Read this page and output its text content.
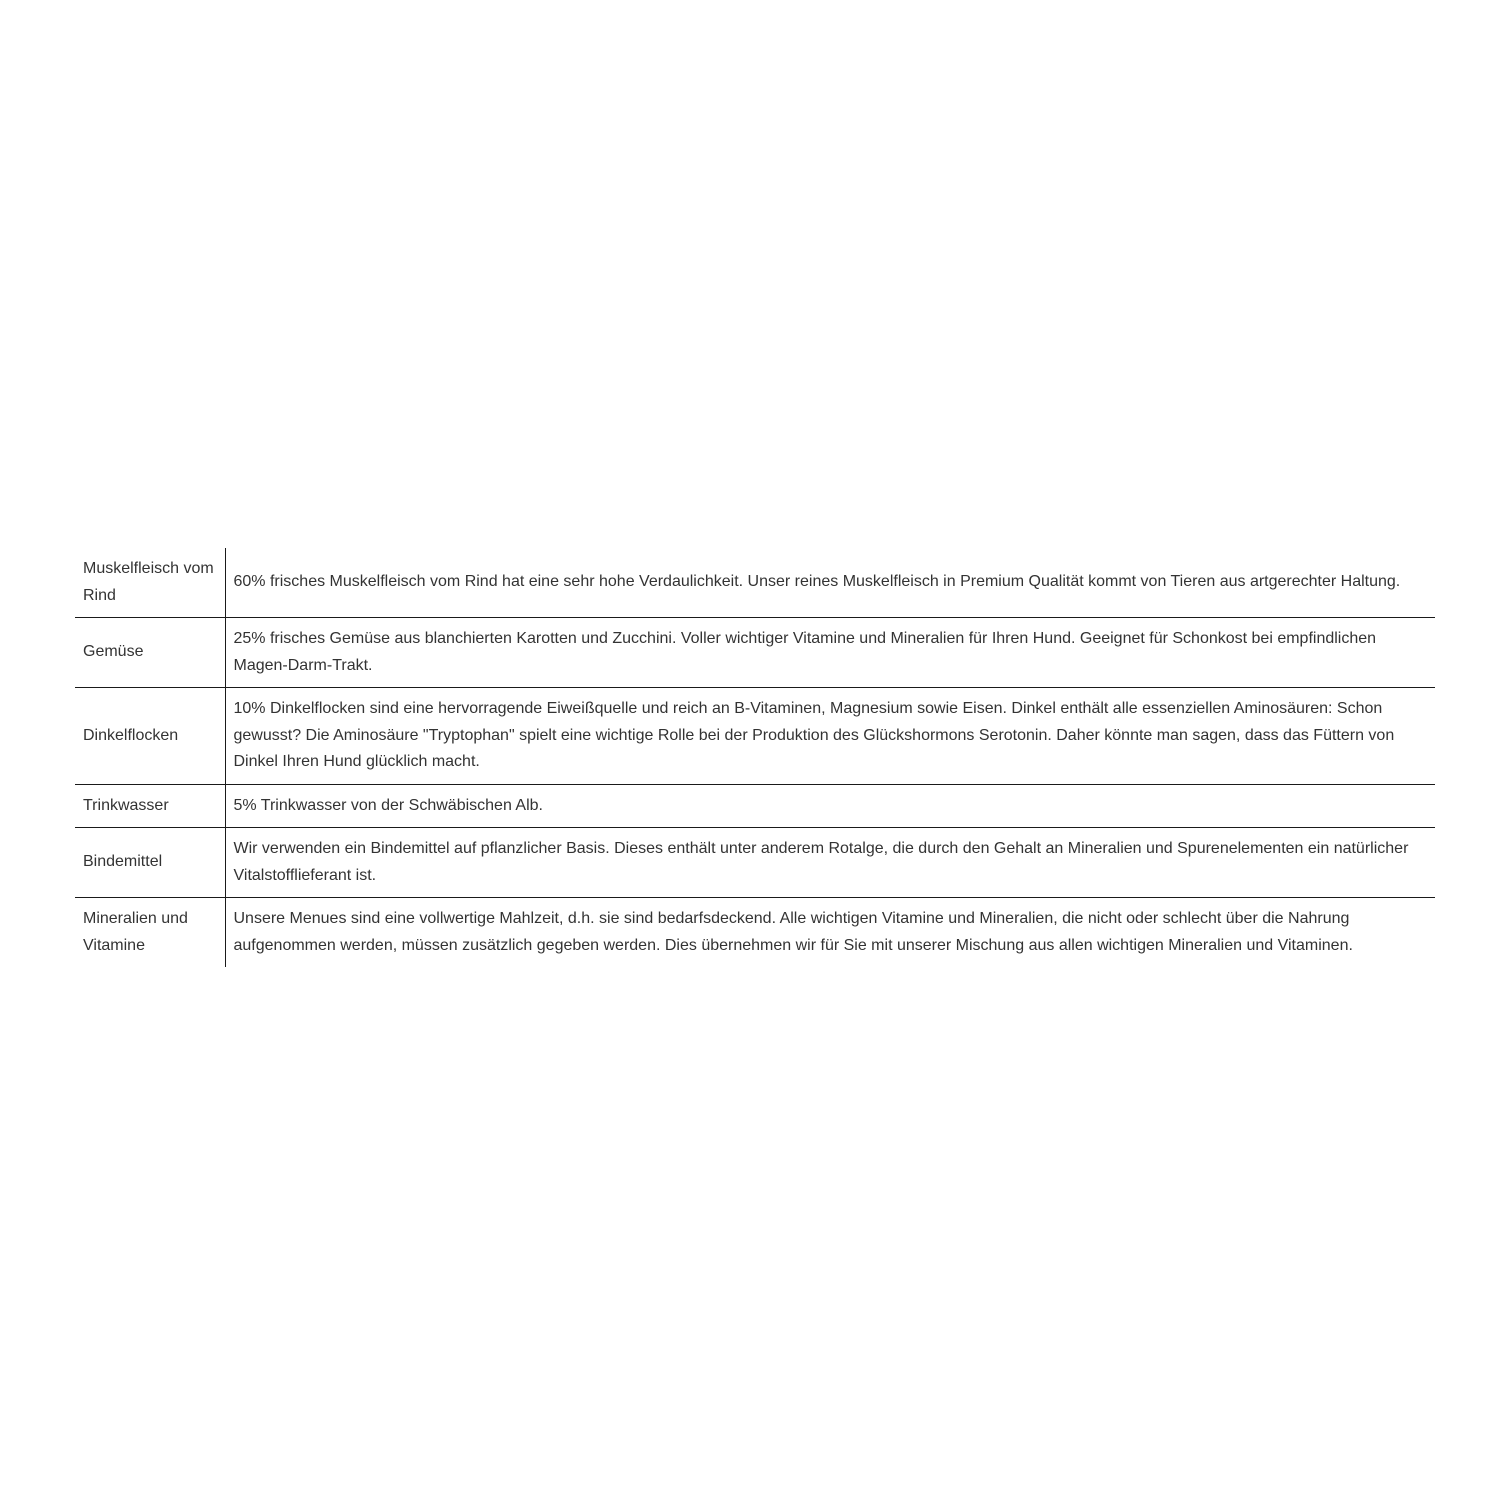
Muskelfleisch vom Rind	60% frisches Muskelfleisch vom Rind hat eine sehr hohe Verdaulichkeit. Unser reines Muskelfleisch in Premium Qualität kommt von Tieren aus artgerechter Haltung.
Gemüse	25% frisches Gemüse aus blanchierten Karotten und Zucchini. Voller wichtiger Vitamine und Mineralien für Ihren Hund. Geeignet für Schonkost bei empfindlichen Magen-Darm-Trakt.
Dinkelflocken	10% Dinkelflocken sind eine hervorragende Eiweißquelle und reich an B-Vitaminen, Magnesium sowie Eisen. Dinkel enthält alle essenziellen Aminosäuren: Schon gewusst? Die Aminosäure "Tryptophan" spielt eine wichtige Rolle bei der Produktion des Glückshormons Serotonin. Daher könnte man sagen, dass das Füttern von Dinkel Ihren Hund glücklich macht.
Trinkwasser	5% Trinkwasser von der Schwäbischen Alb.
Bindemittel	Wir verwenden ein Bindemittel auf pflanzlicher Basis. Dieses enthält unter anderem Rotalge, die durch den Gehalt an Mineralien und Spurenelementen ein natürlicher Vitalstofflieferant ist.
Mineralien und Vitamine	Unsere Menues sind eine vollwertige Mahlzeit, d.h. sie sind bedarfsdeckend. Alle wichtigen Vitamine und Mineralien, die nicht oder schlecht über die Nahrung aufgenommen werden, müssen zusätzlich gegeben werden. Dies übernehmen wir für Sie mit unserer Mischung aus allen wichtigen Mineralien und Vitaminen.
